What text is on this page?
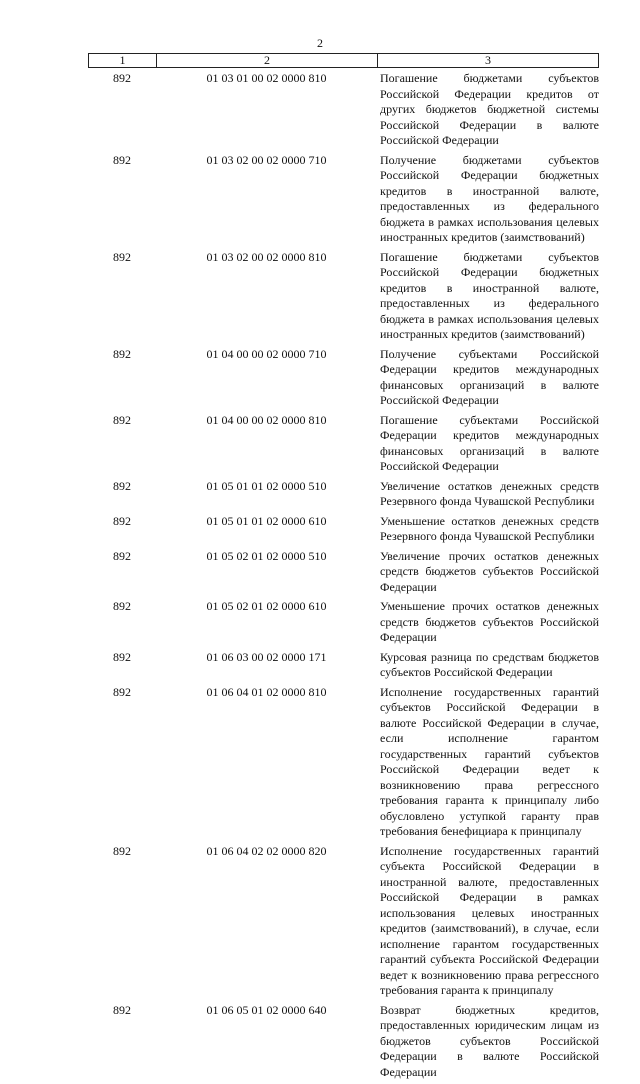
2
1	2	3
892	01 03 01 00 02 0000 810	Погашение бюджетами субъектов Российской Федерации кредитов от других бюджетов бюджетной системы Российской Федерации в валюте Российской Федерации
892	01 03 02 00 02 0000 710	Получение бюджетами субъектов Российской Федерации бюджетных кредитов в иностранной валюте, предоставленных из федерального бюджета в рамках использования целевых иностранных кредитов (заимствований)
892	01 03 02 00 02 0000 810	Погашение бюджетами субъектов Российской Федерации бюджетных кредитов в иностранной валюте, предоставленных из федерального бюджета в рамках использования целевых иностранных кредитов (заимствований)
892	01 04 00 00 02 0000 710	Получение субъектами Российской Федерации кредитов международных финансовых организаций в валюте Российской Федерации
892	01 04 00 00 02 0000 810	Погашение субъектами Российской Федерации кредитов международных финансовых организаций в валюте Российской Федерации
892	01 05 01 01 02 0000 510	Увеличение остатков денежных средств Резервного фонда Чувашской Республики
892	01 05 01 01 02 0000 610	Уменьшение остатков денежных средств Резервного фонда Чувашской Республики
892	01 05 02 01 02 0000 510	Увеличение прочих остатков денежных средств бюджетов субъектов Российской Федерации
892	01 05 02 01 02 0000 610	Уменьшение прочих остатков денежных средств бюджетов субъектов Российской Федерации
892	01 06 03 00 02 0000 171	Курсовая разница по средствам бюджетов субъектов Российской Федерации
892	01 06 04 01 02 0000 810	Исполнение государственных гарантий субъектов Российской Федерации в валюте Российской Федерации в случае, если исполнение гарантом государственных гарантий субъектов Российской Федерации ведет к возникновению права регрессного требования гаранта к принципалу либо обусловлено уступкой гаранту прав требования бенефициара к принципалу
892	01 06 04 02 02 0000 820	Исполнение государственных гарантий субъекта Российской Федерации в иностранной валюте, предоставленных Российской Федерации в рамках использования целевых иностранных кредитов (заимствований), в случае, если исполнение гарантом государственных гарантий субъекта Российской Федерации ведет к возникновению права регрессного требования гаранта к принципалу
892	01 06 05 01 02 0000 640	Возврат бюджетных кредитов, предоставленных юридическим лицам из бюджетов субъектов Российской Федерации в валюте Российской Федерации
